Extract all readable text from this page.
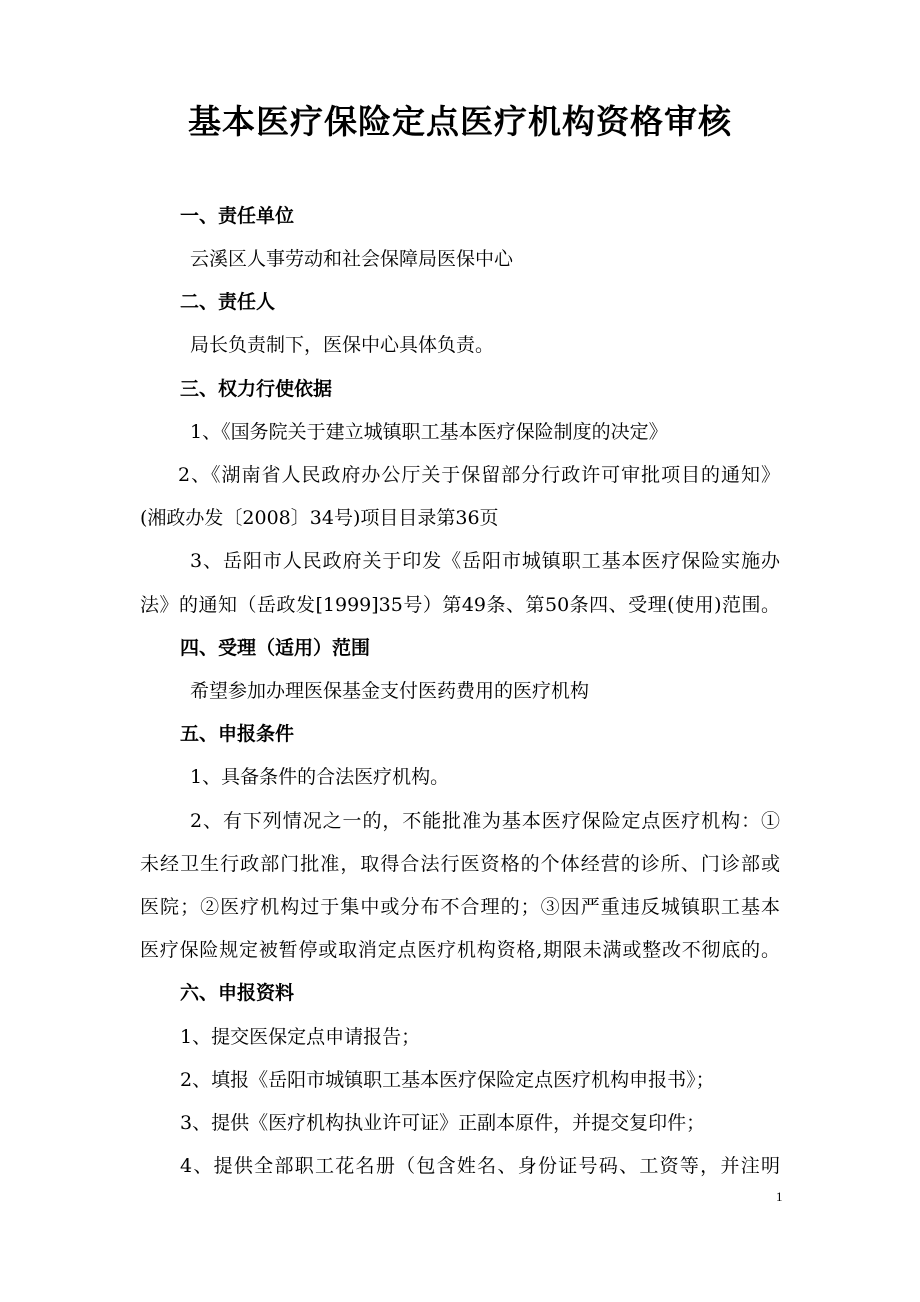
基本医疗保险定点医疗机构资格审核

一、责任单位

云溪区人事劳动和社会保障局医保中心

二、责任人

局长负责制下，医保中心具体负责。

三、权力行使依据

1、《国务院关于建立城镇职工基本医疗保险制度的决定》

2、《湖南省人民政府办公厅关于保留部分行政许可审批项目的通知》

(湘政办发〔2008〕34号)项目目录第36页

3、岳阳市人民政府关于印发《岳阳市城镇职工基本医疗保险实施办

法》的通知（岳政发[1999]35号）第49条、第50条四、受理(使用)范围。

四、受理（适用）范围

希望参加办理医保基金支付医药费用的医疗机构

五、申报条件

1、具备条件的合法医疗机构。

2、有下列情况之一的，不能批准为基本医疗保险定点医疗机构：①

未经卫生行政部门批准，取得合法行医资格的个体经营的诊所、门诊部或

医院；②医疗机构过于集中或分布不合理的；③因严重违反城镇职工基本

医疗保险规定被暂停或取消定点医疗机构资格,期限未满或整改不彻底的。

六、申报资料

1、提交医保定点申请报告；

2、填报《岳阳市城镇职工基本医疗保险定点医疗机构申报书》；

3、提供《医疗机构执业许可证》正副本原件，并提交复印件；

4、提供全部职工花名册（包含姓名、身份证号码、工资等，并注明

1
